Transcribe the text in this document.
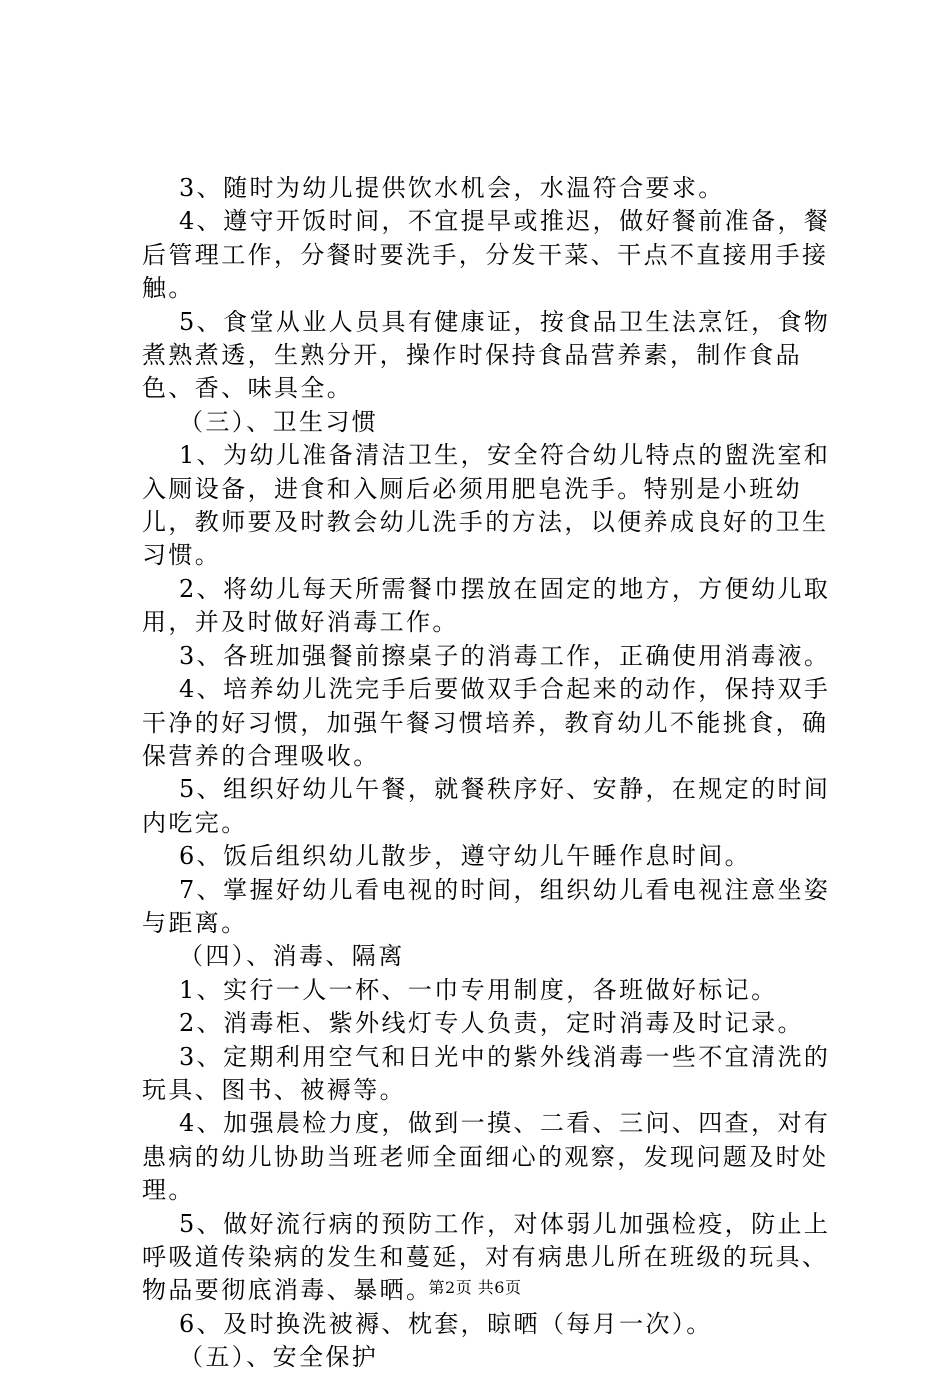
3、随时为幼儿提供饮水机会，水温符合要求。

4、遵守开饭时间，不宜提早或推迟，做好餐前准备，餐后管理工作，分餐时要洗手，分发干菜、干点不直接用手接触。

5、食堂从业人员具有健康证，按食品卫生法烹饪，食物煮熟煮透，生熟分开，操作时保持食品营养素，制作食品色、香、味具全。

（三）、卫生习惯

1、为幼儿准备清洁卫生，安全符合幼儿特点的盥洗室和入厕设备，进食和入厕后必须用肥皂洗手。特别是小班幼儿，教师要及时教会幼儿洗手的方法，以便养成良好的卫生习惯。

2、将幼儿每天所需餐巾摆放在固定的地方，方便幼儿取用，并及时做好消毒工作。

3、各班加强餐前擦桌子的消毒工作，正确使用消毒液。

4、培养幼儿洗完手后要做双手合起来的动作，保持双手干净的好习惯，加强午餐习惯培养，教育幼儿不能挑食，确保营养的合理吸收。

5、组织好幼儿午餐，就餐秩序好、安静，在规定的时间内吃完。

6、饭后组织幼儿散步，遵守幼儿午睡作息时间。

7、掌握好幼儿看电视的时间，组织幼儿看电视注意坐姿与距离。

（四）、消毒、隔离

1、实行一人一杯、一巾专用制度，各班做好标记。

2、消毒柜、紫外线灯专人负责，定时消毒及时记录。

3、定期利用空气和日光中的紫外线消毒一些不宜清洗的玩具、图书、被褥等。

4、加强晨检力度，做到一摸、二看、三问、四查，对有患病的幼儿协助当班老师全面细心的观察，发现问题及时处理。

5、做好流行病的预防工作，对体弱儿加强检疫，防止上呼吸道传染病的发生和蔓延，对有病患儿所在班级的玩具、物品要彻底消毒、暴晒。

6、及时换洗被褥、枕套，晾晒（每月一次）。

（五）、安全保护

第2页 共6页
